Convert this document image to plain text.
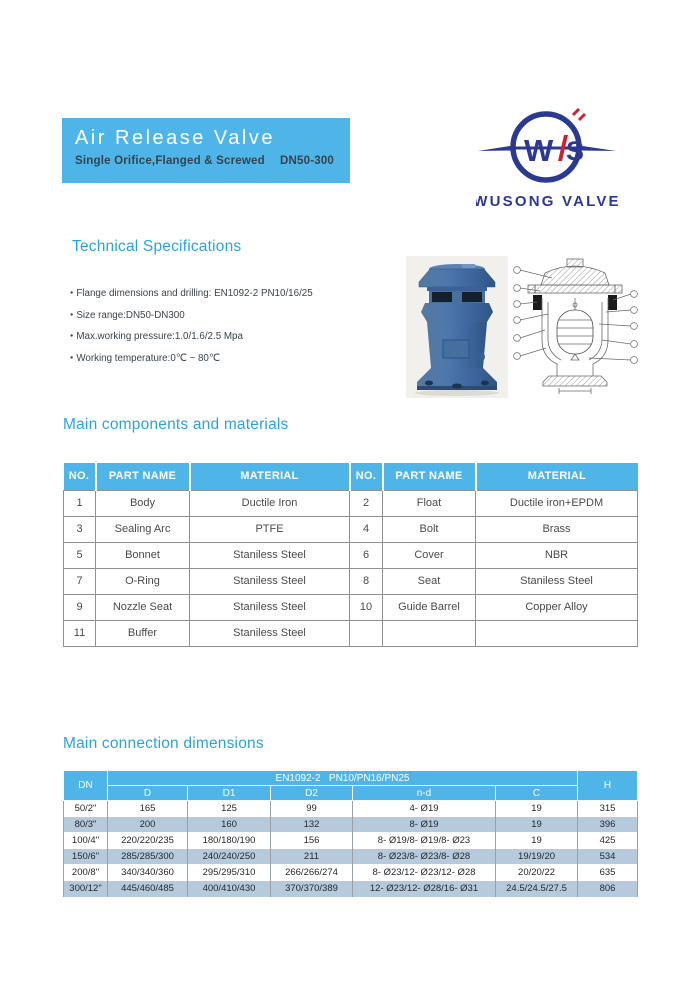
Air Release Valve
Single Orifice,Flanged & Screwed	DN50-300	W S
WUSONG VALVE
Technical Specifications
● Flange dimensions and drilling: EN1092-2 PN10/16/25
● Size range:DN50-DN300
● Max.working pressure:1.0/1.6/2.5 Mpa
● Working temperature:0℃ ~ 80℃
Main components and materials
NO.	PART NAME	MATERIAL	NO.	PART NAME	MATERIAL
1	Body	Ductile Iron	2	Float	Ductile iron+EPDM
3	Sealing Arc	PTFE	4	Bolt	Brass
5	Bonnet	Staniless Steel	6	Cover	NBR
7	O-Ring	Staniless Steel	8	Seat	Staniless Steel
9	Nozzle Seat	Staniless Steel	10	Guide Barrel	Copper Alloy
11	Buffer	Staniless Steel			
Main connection dimensions
DN	EN1092-2   PN10/PN16/PN25					H
	D	D1	D2	n-d	C	
50/2"	165	125	99	4- Ø19	19	315
80/3"	200	160	132	8- Ø19	19	396
100/4"	220/220/235	180/180/190	156	8- Ø19/8- Ø19/8- Ø23	19	425
150/6"	285/285/300	240/240/250	211	8- Ø23/8- Ø23/8- Ø28	19/19/20	534
200/8"	340/340/360	295/295/310	266/266/274	8- Ø23/12- Ø23/12- Ø28	20/20/22	635
300/12"	445/460/485	400/410/430	370/370/389	12- Ø23/12- Ø28/16- Ø31	24.5/24.5/27.5	806
